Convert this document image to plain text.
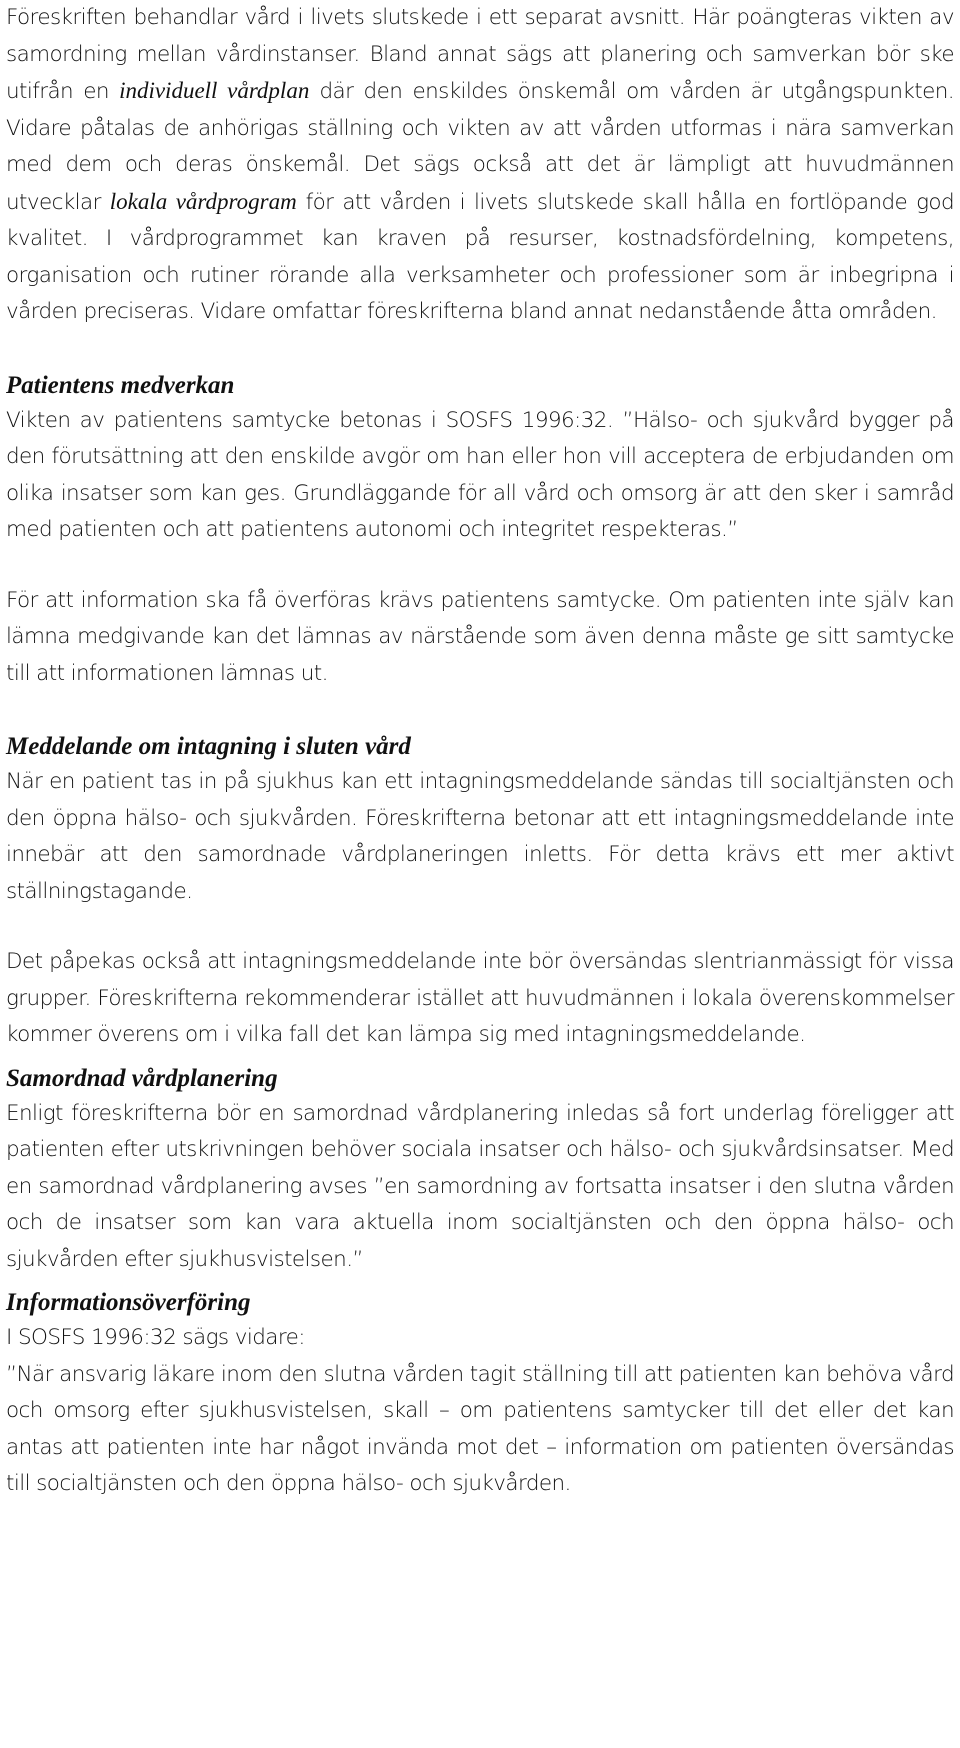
Föreskriften behandlar vård i livets slutskede i ett separat avsnitt. Här poängteras vikten av samordning mellan vårdinstanser. Bland annat sägs att planering och samverkan bör ske utifrån en individuell vårdplan där den enskildes önskemål om vården är utgångspunkten. Vidare påtalas de anhörigas ställning och vikten av att vården utformas i nära samverkan med dem och deras önskemål. Det sägs också att det är lämpligt att huvudmännen utvecklar lokala vårdprogram för att vården i livets slutskede skall hålla en fortlöpande god kvalitet. I vårdprogrammet kan kraven på resurser, kostnadsfördelning, kompetens, organisation och rutiner rörande alla verksamheter och professioner som är inbegripna i vården preciseras. Vidare omfattar föreskrifterna bland annat nedanstående åtta områden.

Patientens medverkan

Vikten av patientens samtycke betonas i SOSFS 1996:32. ”Hälso- och sjukvård bygger på den förutsättning att den enskilde avgör om han eller hon vill acceptera de erbjudanden om olika insatser som kan ges. Grundläggande för all vård och omsorg är att den sker i samråd med patienten och att patientens autonomi och integritet respekteras.”

För att information ska få överföras krävs patientens samtycke. Om patienten inte själv kan lämna medgivande kan det lämnas av närstående som även denna måste ge sitt samtycke till att informationen lämnas ut.

Meddelande om intagning i sluten vård

När en patient tas in på sjukhus kan ett intagningsmeddelande sändas till socialtjänsten och den öppna hälso- och sjukvården. Föreskrifterna betonar att ett intagningsmeddelande inte innebär att den samordnade vårdplaneringen inletts. För detta krävs ett mer aktivt ställningstagande.

Det påpekas också att intagningsmeddelande inte bör översändas slentrianmässigt för vissa grupper. Föreskrifterna rekommenderar istället att huvudmännen i lokala överenskommelser kommer överens om i vilka fall det kan lämpa sig med intagningsmeddelande.

Samordnad vårdplanering

Enligt föreskrifterna bör en samordnad vårdplanering inledas så fort underlag föreligger att patienten efter utskrivningen behöver sociala insatser och hälso- och sjukvårdsinsatser. Med en samordnad vårdplanering avses ”en samordning av fortsatta insatser i den slutna vården och de insatser som kan vara aktuella inom socialtjänsten och den öppna hälso- och sjukvården efter sjukhusvistelsen.”

Informationsöverföring

I SOSFS 1996:32 sägs vidare:

”När ansvarig läkare inom den slutna vården tagit ställning till att patienten kan behöva vård och omsorg efter sjukhusvistelsen, skall – om patientens samtycker till det eller det kan antas att patienten inte har något invända mot det – information om patienten översändas till socialtjänsten och den öppna hälso- och sjukvården.
